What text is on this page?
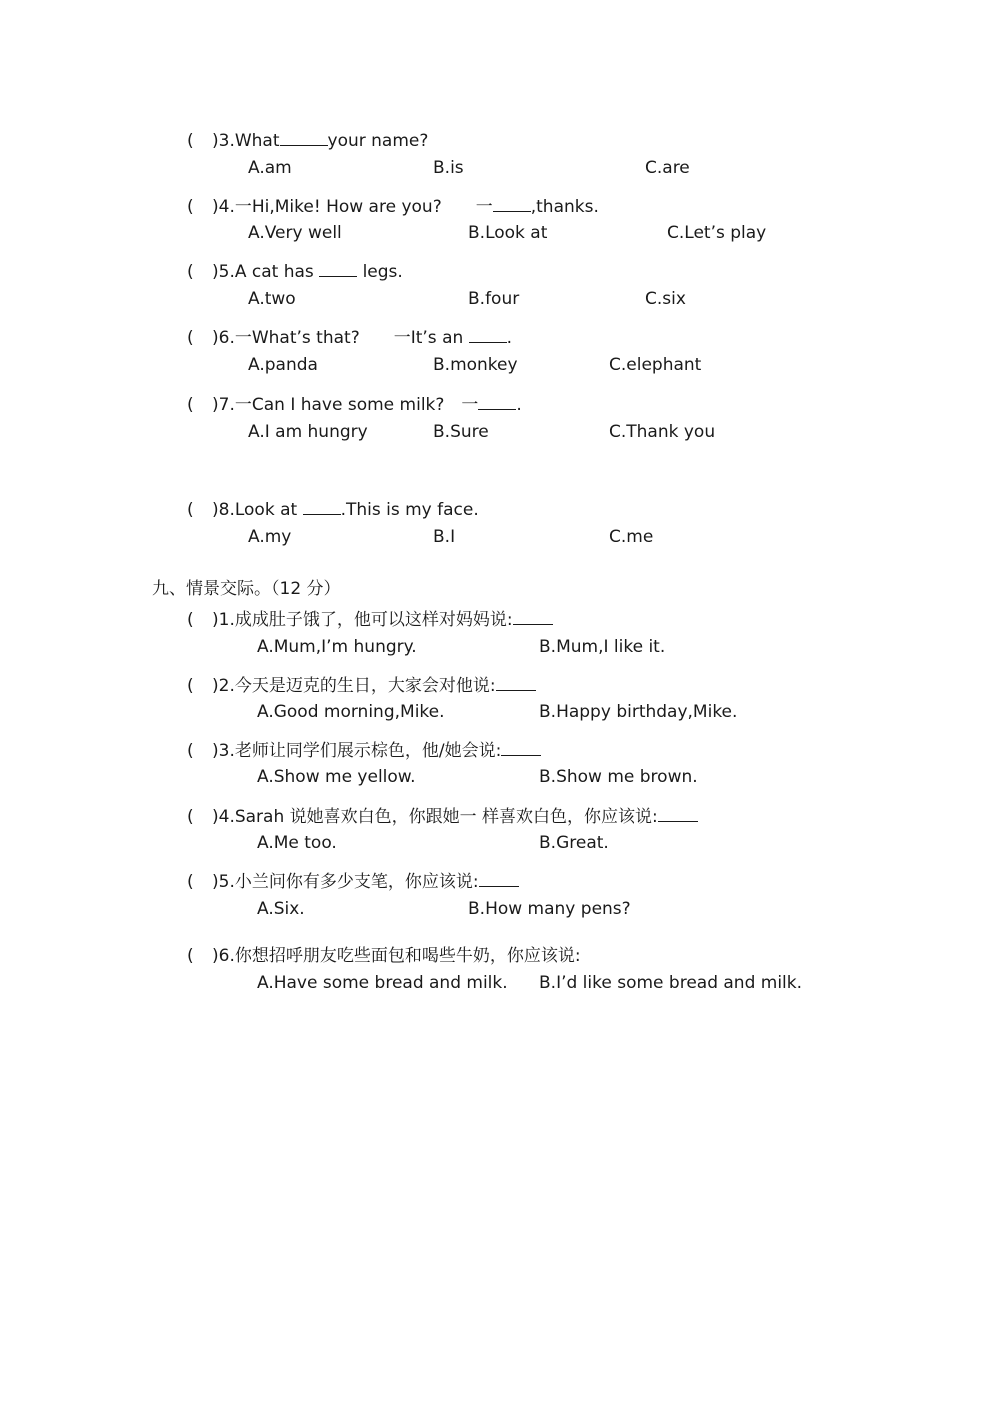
( )3.What	your name?
A.am	B.is	C.are
( )4.一Hi,Mike! How are you?　　一 ,thanks.
A.Very well	B.Look at	C.Let’s play
( )5.A cat has  legs.
A.two	B.four	C.six
( )6.一What’s that?　　一It’s an .
A.panda	B.monkey	C.elephant
( )7.一Can I have some milk?　一 .
A.I am hungry	B.Sure	C.Thank you
( )8.Look at .This is my face.
A.my	B.I	C.me
九、情景交际。（12 分）
( )1.成成肚子饿了，他可以这样对妈妈说:
A.Mum,I’m hungry.	B.Mum,I like it.
( )2.今天是迈克的生日，大家会对他说:
A.Good morning,Mike.	B.Happy birthday,Mike.
( )3.老师让同学们展示棕色，他/她会说:
A.Show me yellow.	B.Show me brown.
( )4.Sarah 说她喜欢白色，你跟她一 样喜欢白色，你应该说:
A.Me too.	B.Great.
( )5.小兰问你有多少支笔，你应该说:
A.Six.	B.How many pens?
( )6.你想招呼朋友吃些面包和喝些牛奶，你应该说:
A.Have some bread and milk. B.I’d like some bread and milk.
